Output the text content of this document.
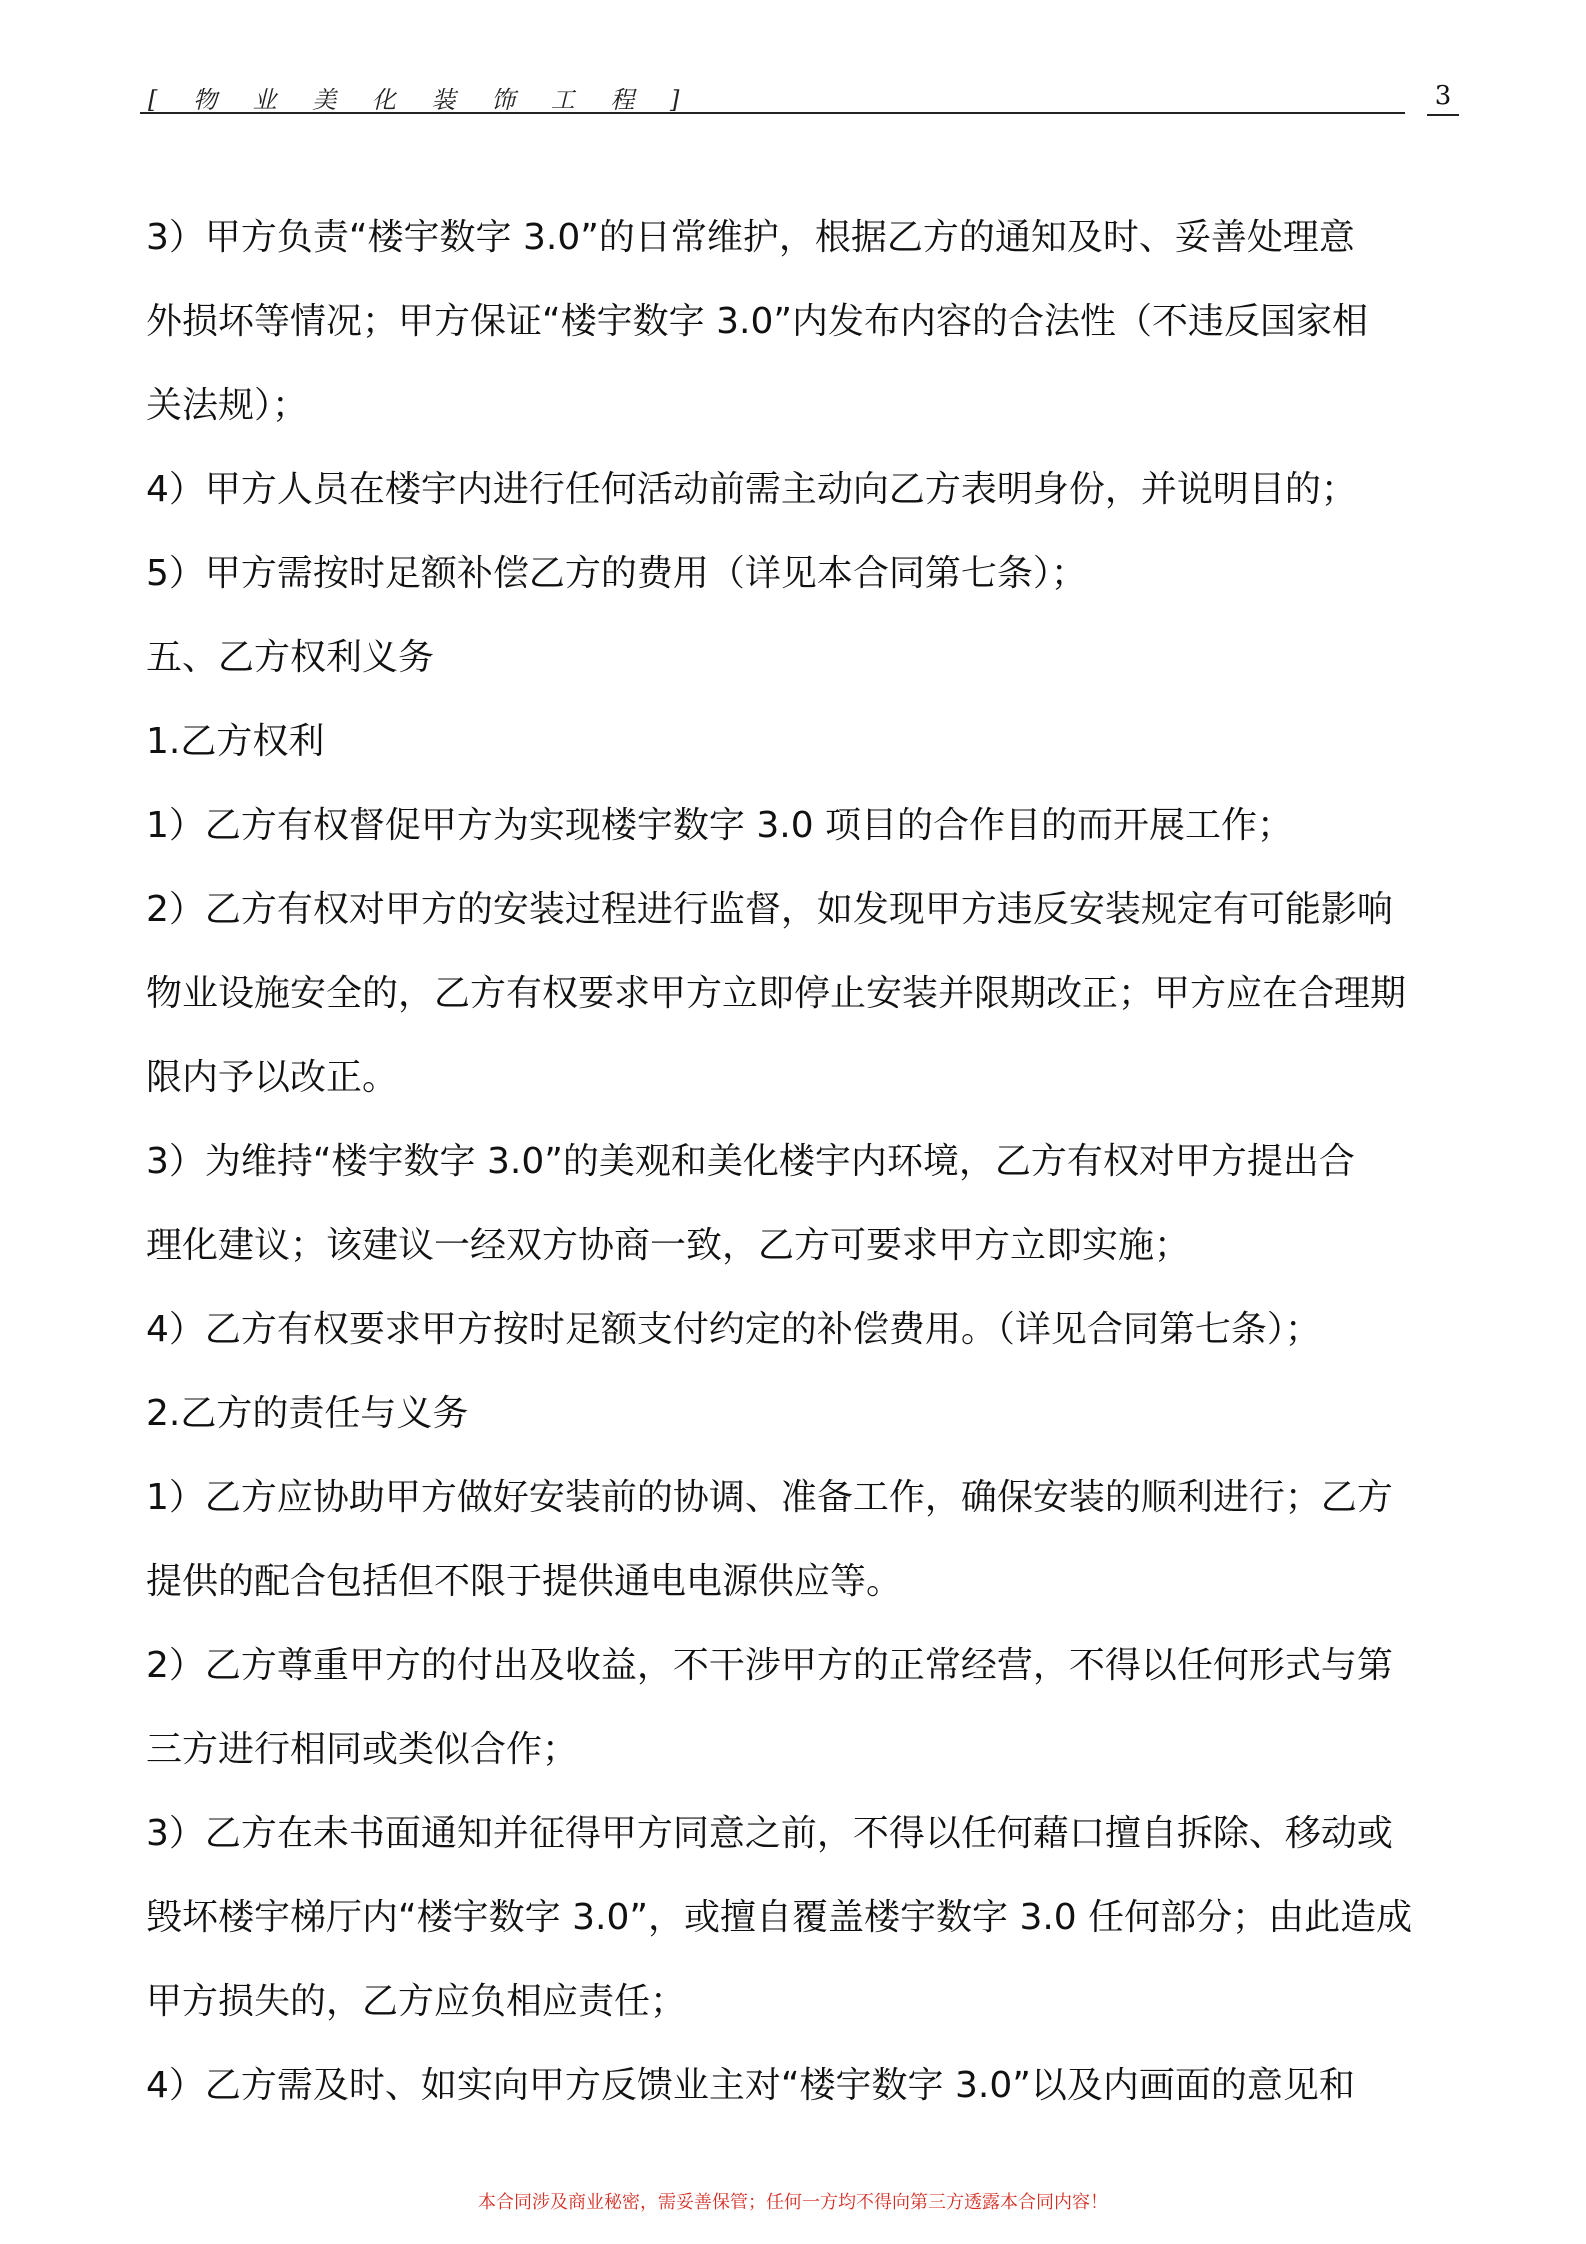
[ 物 业 美 化 装 饰 工 程 ]	3
3）甲方负责“楼宇数字 3.0”的日常维护，根据乙方的通知及时、妥善处理意
外损坏等情况；甲方保证“楼宇数字 3.0”内发布内容的合法性（不违反国家相
关法规）；
4）甲方人员在楼宇内进行任何活动前需主动向乙方表明身份，并说明目的；
5）甲方需按时足额补偿乙方的费用（详见本合同第七条）；
五、乙方权利义务
1.乙方权利
1）乙方有权督促甲方为实现楼宇数字 3.0 项目的合作目的而开展工作；
2）乙方有权对甲方的安装过程进行监督，如发现甲方违反安装规定有可能影响
物业设施安全的，乙方有权要求甲方立即停止安装并限期改正；甲方应在合理期
限内予以改正。
3）为维持“楼宇数字 3.0”的美观和美化楼宇内环境，乙方有权对甲方提出合
理化建议；该建议一经双方协商一致，乙方可要求甲方立即实施；
4）乙方有权要求甲方按时足额支付约定的补偿费用。（详见合同第七条）；
2.乙方的责任与义务
1）乙方应协助甲方做好安装前的协调、准备工作，确保安装的顺利进行；乙方
提供的配合包括但不限于提供通电电源供应等。
2）乙方尊重甲方的付出及收益，不干涉甲方的正常经营，不得以任何形式与第
三方进行相同或类似合作；
3）乙方在未书面通知并征得甲方同意之前，不得以任何藉口擅自拆除、移动或
毁坏楼宇梯厅内“楼宇数字 3.0”，或擅自覆盖楼宇数字 3.0 任何部分；由此造成
甲方损失的，乙方应负相应责任；
4）乙方需及时、如实向甲方反馈业主对“楼宇数字 3.0”以及内画面的意见和
本合同涉及商业秘密，需妥善保管；任何一方均不得向第三方透露本合同内容！
